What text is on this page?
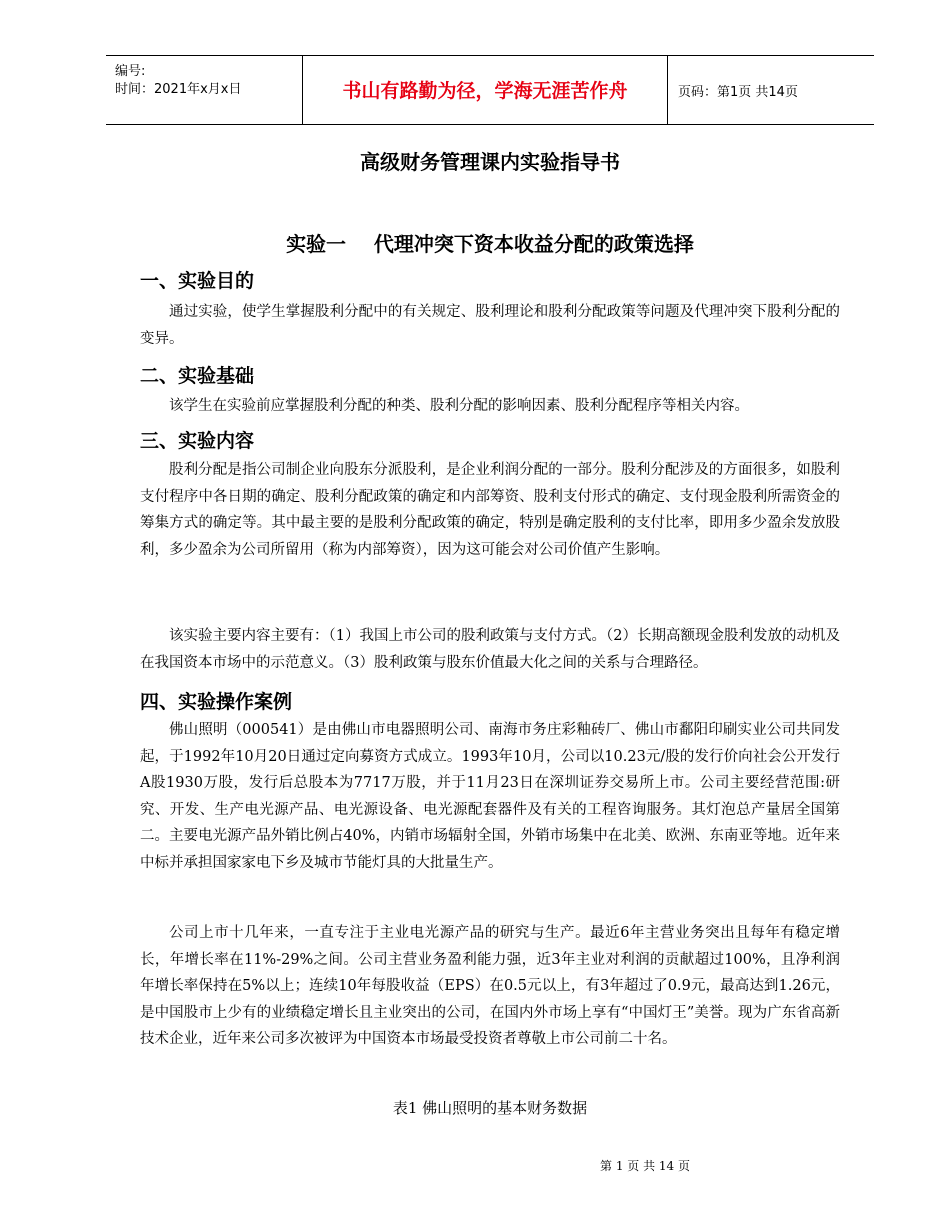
编号:
时间：2021年x月x日	书山有路勤为径，学海无涯苦作舟	页码：第1页 共14页
高级财务管理课内实验指导书
实验一    代理冲突下资本收益分配的政策选择
一、实验目的
通过实验，使学生掌握股利分配中的有关规定、股利理论和股利分配政策等问题及代理冲突下股利分配的变异。
二、实验基础
该学生在实验前应掌握股利分配的种类、股利分配的影响因素、股利分配程序等相关内容。
三、实验内容
股利分配是指公司制企业向股东分派股利，是企业利润分配的一部分。股利分配涉及的方面很多，如股利支付程序中各日期的确定、股利分配政策的确定和内部筹资、股利支付形式的确定、支付现金股利所需资金的筹集方式的确定等。其中最主要的是股利分配政策的确定，特别是确定股利的支付比率，即用多少盈余发放股利，多少盈余为公司所留用（称为内部筹资），因为这可能会对公司价值产生影响。
该实验主要内容主要有：（1）我国上市公司的股利政策与支付方式。（2）长期高额现金股利发放的动机及在我国资本市场中的示范意义。（3）股利政策与股东价值最大化之间的关系与合理路径。
四、实验操作案例
佛山照明（000541）是由佛山市电器照明公司、南海市务庄彩釉砖厂、佛山市鄱阳印刷实业公司共同发起，于1992年10月20日通过定向募资方式成立。1993年10月，公司以10.23元/股的发行价向社会公开发行A股1930万股，发行后总股本为7717万股，并于11月23日在深圳证券交易所上市。公司主要经营范围:研究、开发、生产电光源产品、电光源设备、电光源配套器件及有关的工程咨询服务。其灯泡总产量居全国第二。主要电光源产品外销比例占40%，内销市场辐射全国，外销市场集中在北美、欧洲、东南亚等地。近年来中标并承担国家家电下乡及城市节能灯具的大批量生产。
公司上市十几年来，一直专注于主业电光源产品的研究与生产。最近6年主营业务突出且每年有稳定增长，年增长率在11%-29%之间。公司主营业务盈利能力强，近3年主业对利润的贡献超过100%，且净利润年增长率保持在5%以上；连续10年每股收益（EPS）在0.5元以上，有3年超过了0.9元，最高达到1.26元，是中国股市上少有的业绩稳定增长且主业突出的公司，在国内外市场上享有“中国灯王”美誉。现为广东省高新技术企业，近年来公司多次被评为中国资本市场最受投资者尊敬上市公司前二十名。
表1 佛山照明的基本财务数据
第 1 页 共 14 页
